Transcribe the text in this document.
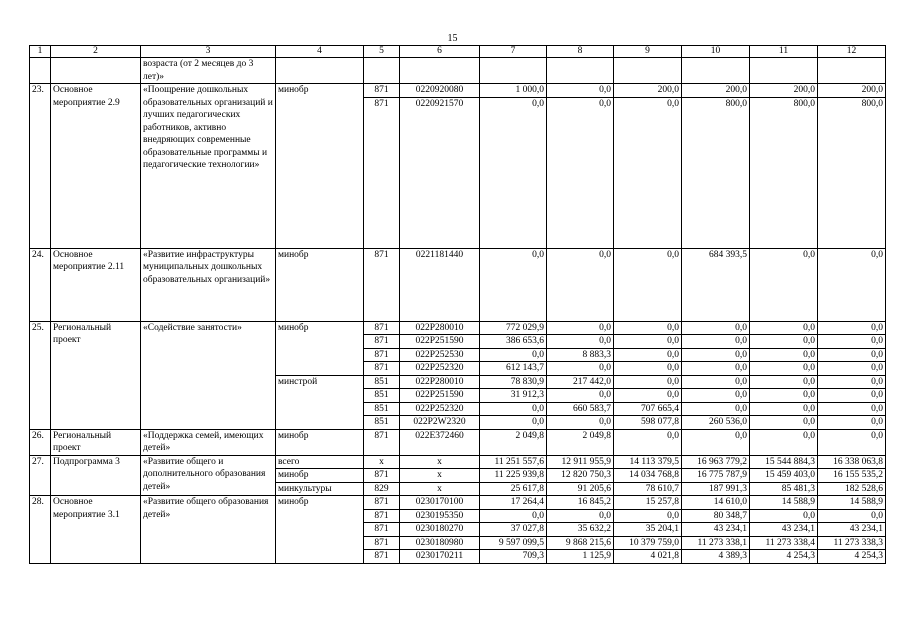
15
1	2	3	4	5	6	7	8	9	10	11	12
		возраста (от 2 месяцев до 3 лет)»									
23.	Основное мероприятие 2.9	«Поощрение дошкольных образовательных организаций и лучших педагогических работников, активно внедряющих современные образовательные программы и педагогические технологии»	минобр	871	0220920080	1 000,0	0,0	200,0	200,0	200,0	200,0
				871	0220921570	0,0	0,0	0,0	800,0	800,0	800,0
24.	Основное мероприятие 2.11	«Развитие инфраструктуры муниципальных дошкольных образовательных организаций»	минобр	871	0221181440	0,0	0,0	0,0	684 393,5	0,0	0,0
25.	Региональный проект	«Содействие занятости»	минобр	871	022P280010	772 029,9	0,0	0,0	0,0	0,0	0,0
				871	022P251590	386 653,6	0,0	0,0	0,0	0,0	0,0
				871	022P252530	0,0	8 883,3	0,0	0,0	0,0	0,0
				871	022P252320	612 143,7	0,0	0,0	0,0	0,0	0,0
			минстрой	851	022P280010	78 830,9	217 442,0	0,0	0,0	0,0	0,0
				851	022P251590	31 912,3	0,0	0,0	0,0	0,0	0,0
				851	022P252320	0,0	660 583,7	707 665,4	0,0	0,0	0,0
				851	022P2W2320	0,0	0,0	598 077,8	260 536,0	0,0	0,0
26.	Региональный проект	«Поддержка семей, имеющих детей»	минобр	871	022E372460	2 049,8	2 049,8	0,0	0,0	0,0	0,0
27.	Подпрограмма 3	«Развитие общего и дополнительного образования детей»	всего	х	х	11 251 557,6	12 911 955,9	14 113 379,5	16 963 779,2	15 544 884,3	16 338 063,8
			минобр	871	х	11 225 939,8	12 820 750,3	14 034 768,8	16 775 787,9	15 459 403,0	16 155 535,2
			минкультуры	829	х	25 617,8	91 205,6	78 610,7	187 991,3	85 481,3	182 528,6
28.	Основное мероприятие 3.1	«Развитие общего образования детей»	минобр	871	0230170100	17 264,4	16 845,2	15 257,8	14 610,0	14 588,9	14 588,9
				871	0230195350	0,0	0,0	0,0	80 348,7	0,0	0,0
				871	0230180270	37 027,8	35 632,2	35 204,1	43 234,1	43 234,1	43 234,1
				871	0230180980	9 597 099,5	9 868 215,6	10 379 759,0	11 273 338,1	11 273 338,4	11 273 338,3
				871	0230170211	709,3	1 125,9	4 021,8	4 389,3	4 254,3	4 254,3
